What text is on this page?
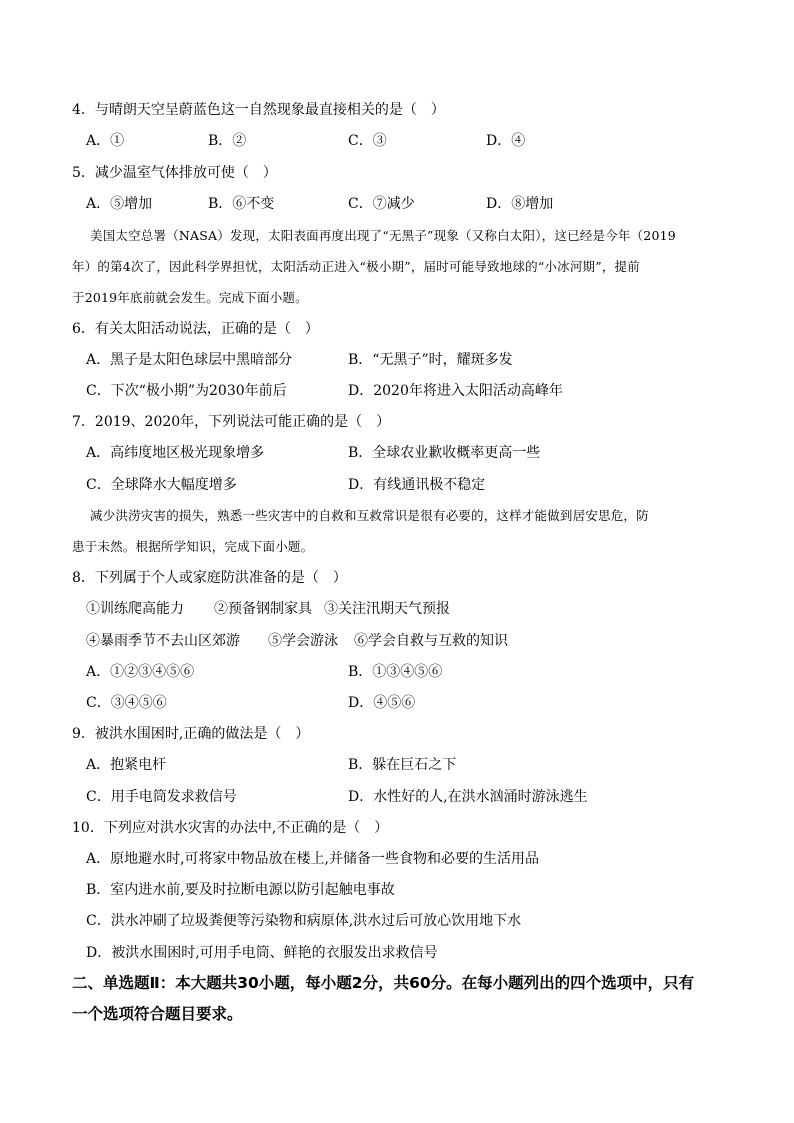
4．与晴朗天空呈蔚蓝色这一自然现象最直接相关的是（　）
A．①	B．②	C．③	D．④
5．减少温室气体排放可使（　）
A．⑤增加	B．⑥不变	C．⑦减少	D．⑧增加
美国太空总署（NASA）发现，太阳表面再度出现了“无黑子”现象（又称白太阳），这已经是今年（2019
年）的第4次了，因此科学界担忧，太阳活动正进入“极小期”，届时可能导致地球的“小冰河期”，提前
于2019年底前就会发生。完成下面小题。
6．有关太阳活动说法，正确的是（　）
A．黑子是太阳色球层中黑暗部分	B．“无黑子”时，耀斑多发
C．下次“极小期”为2030年前后	D．2020年将进入太阳活动高峰年
7．2019、2020年，下列说法可能正确的是（　）
A．高纬度地区极光现象增多	B．全球农业歉收概率更高一些
C．全球降水大幅度增多	D．有线通讯极不稳定
减少洪涝灾害的损失，熟悉一些灾害中的自救和互救常识是很有必要的，这样才能做到居安思危，防
患于未然。根据所学知识，完成下面小题。
8．下列属于个人或家庭防洪准备的是（　）
①训练爬高能力 ②预备钢制家具 ③关注汛期天气预报
④暴雨季节不去山区郊游 ⑤学会游泳 ⑥学会自救与互救的知识
A．①②③④⑤⑥	B．①③④⑤⑥
C．③④⑤⑥	D．④⑤⑥
9．被洪水围困时,正确的做法是（　）
A．抱紧电杆	B．躲在巨石之下
C．用手电筒发求救信号	D．水性好的人,在洪水汹涌时游泳逃生
10．下列应对洪水灾害的办法中,不正确的是（　）
A．原地避水时,可将家中物品放在楼上,并储备一些食物和必要的生活用品
B．室内进水前,要及时拉断电源以防引起触电事故
C．洪水冲刷了垃圾粪便等污染物和病原体,洪水过后可放心饮用地下水
D．被洪水围困时,可用手电筒、鲜艳的衣服发出求救信号
二、单选题Ⅱ：本大题共30小题，每小题2分，共60分。在每小题列出的四个选项中，只有
一个选项符合题目要求。
